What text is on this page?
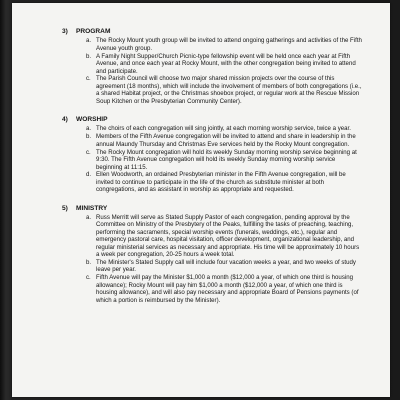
3) PROGRAM
a. The Rocky Mount youth group will be invited to attend ongoing gatherings and activities of the Fifth Avenue youth group.
b. A Family Night Supper/Church Picnic-type fellowship event will be held once each year at Fifth Avenue, and once each year at Rocky Mount, with the other congregation being invited to attend and participate.
c. The Parish Council will choose two major shared mission projects over the course of this agreement (18 months), which will include the involvement of members of both congregations (i.e., a shared Habitat project, or the Christmas shoebox project, or regular work at the Rescue Mission Soup Kitchen or the Presbyterian Community Center).
4) WORSHIP
a. The choirs of each congregation will sing jointly, at each morning worship service, twice a year.
b. Members of the Fifth Avenue congregation will be invited to attend and share in leadership in the annual Maundy Thursday and Christmas Eve services held by the Rocky Mount congregation.
c. The Rocky Mount congregation will hold its weekly Sunday morning worship service beginning at 9:30. The Fifth Avenue congregation will hold its weekly Sunday morning worship service beginning at 11:15.
d. Ellen Woodworth, an ordained Presbyterian minister in the Fifth Avenue congregation, will be invited to continue to participate in the life of the church as substitute minister at both congregations, and as assistant in worship as appropriate and requested.
5) MINISTRY
a. Russ Merritt will serve as Stated Supply Pastor of each congregation, pending approval by the Committee on Ministry of the Presbytery of the Peaks, fulfilling the tasks of preaching, teaching, performing the sacraments, special worship events (funerals, weddings, etc.), regular and emergency pastoral care, hospital visitation, officer development, organizational leadership, and regular ministerial services as necessary and appropriate. His time will be approximately 10 hours a week per congregation, 20-25 hours a week total.
b. The Minister's Stated Supply call will include four vacation weeks a year, and two weeks of study leave per year.
c. Fifth Avenue will pay the Minister $1,000 a month ($12,000 a year, of which one third is housing allowance); Rocky Mount will pay him $1,000 a month ($12,000 a year, of which one third is housing allowance), and will also pay necessary and appropriate Board of Pensions payments (of which a portion is reimbursed by the Minister).
